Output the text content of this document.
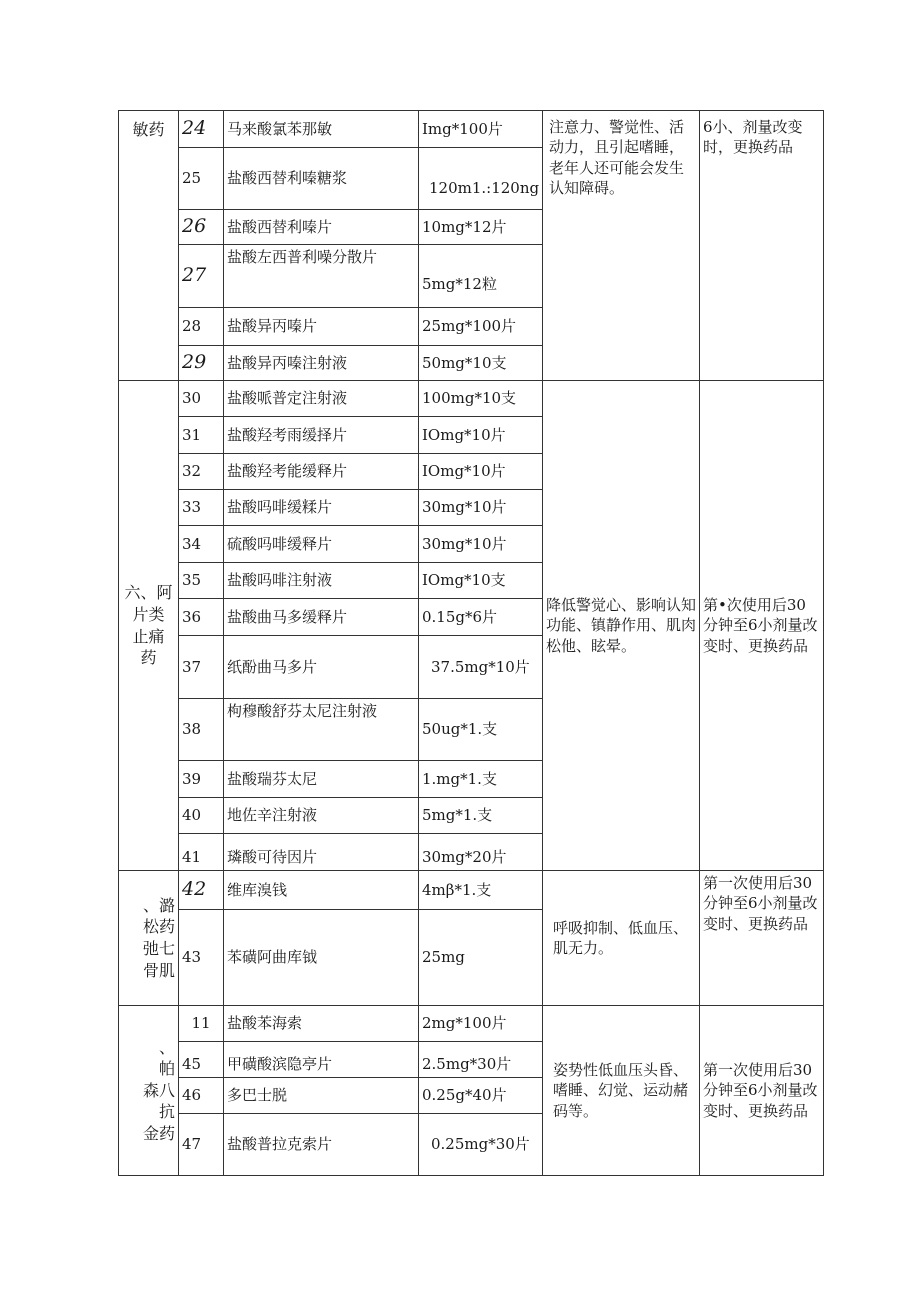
敏药	24	马来酸氯苯那敏	Img*100片	注意力、警觉性、活动力，且引起嗜睡，老年人还可能会发生认知障碍。	6小、剂量改变时，更换药品
	25	盐酸西替利嗪糖浆	120m1.:120ng		
	26	盐酸西替利嗪片	10mg*12片		
	27	盐酸左西普利噪分散片	5mg*12粒		
	28	盐酸异丙嗪片	25mg*100片		
	29	盐酸异丙嗪注射液	50mg*10支		

六、阿
片类
止痛
药	30	盐酸哌普定注射液	100mg*10支	降低警觉心、影响认知功能、镇静作用、肌肉松他、眩晕。	第•次使用后30分钟至6小剂量改变时、更换药品
	31	盐酸羟考雨缓择片	IOmg*10片		
	32	盐酸羟考能缓释片	IOmg*10片		
	33	盐酸吗啡缓糅片	30mg*10片		
	34	硫酸吗啡缓释片	30mg*10片		
	35	盐酸吗啡注射液	IOmg*10支		
	36	盐酸曲马多缓释片	0.15g*6片		
	37	纸酚曲马多片	37.5mg*10片		
	38	枸穆酸舒芬太尼注射液	50ug*1.支		
	39	盐酸瑞芬太尼	1.mg*1.支		
	40	地佐辛注射液	5mg*1.支		
	41	璘酸可待因片	30mg*20片		

、潞
松药
弛七
骨肌	42	维库溴钱	4mβ*1.支	呼吸抑制、低血压、肌无力。	第一次使用后30分钟至6小剂量改变时、更换药品
	43	苯磺阿曲库钺	25mg		

、
帕
森八
抗
金药	11	盐酸苯海索	2mg*100片	姿势性低血压头昏、嗜睡、幻觉、运动赭码等。	第一次使用后30分钟至6小剂量改变时、更换药品
	45	甲磺酸滨隐亭片	2.5mg*30片		
	46	多巴士脱	0.25g*40片		
	47	盐酸普拉克索片	0.25mg*30片		
